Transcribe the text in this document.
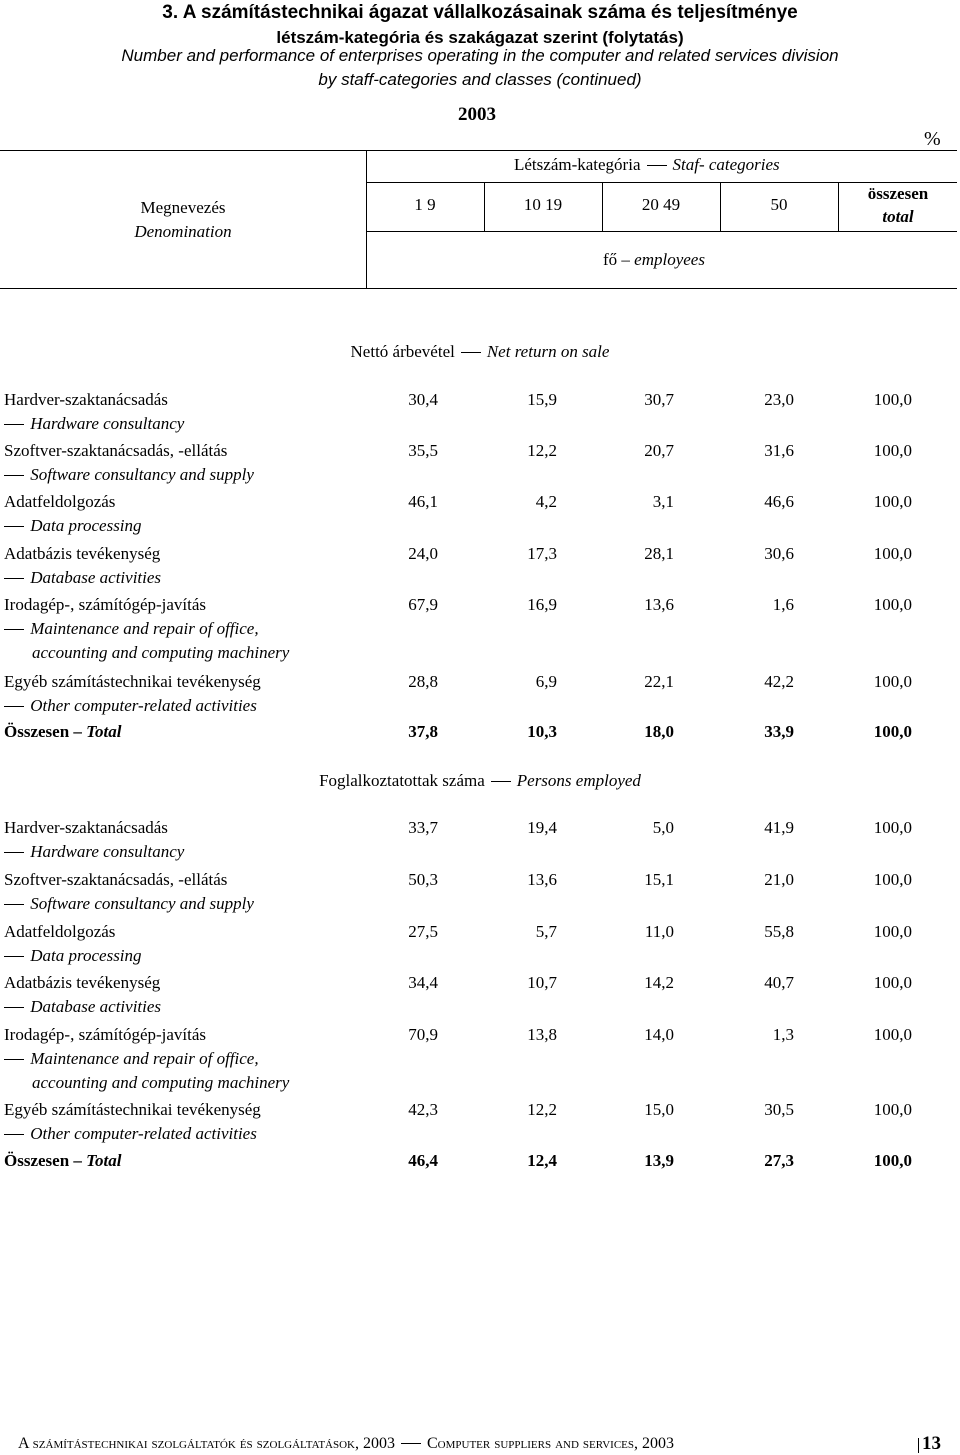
3. A számítástechnikai ágazat vállalkozásainak száma és teljesítménye
létszám-kategória és szakágazat szerint (folytatás)
Number and performance of enterprises operating in the computer and related services division
by staff-categories and classes (continued)
2003
%
Megnevezés
Denomination
Létszám-kategória Staf- categories
1 9	10 19	20 49	50
összesen
total
fő – employees
Nettó árbevétel Net return on sale
Hardver-szaktanácsadás
Hardware consultancy
30,4	15,9	30,7	23,0	100,0
Szoftver-szaktanácsadás, -ellátás
Software consultancy and supply
35,5	12,2	20,7	31,6	100,0
Adatfeldolgozás
Data processing
46,1	4,2	3,1	46,6	100,0
Adatbázis tevékenység
Database activities
24,0	17,3	28,1	30,6	100,0
Irodagép-, számítógép-javítás
Maintenance and repair of office,
accounting and computing machinery
67,9	16,9	13,6	1,6	100,0
Egyéb számítástechnikai tevékenység
Other computer-related activities
28,8	6,9	22,1	42,2	100,0
Összesen – Total	37,8	10,3	18,0	33,9	100,0
Foglalkoztatottak száma Persons employed
Hardver-szaktanácsadás
Hardware consultancy
33,7	19,4	5,0	41,9	100,0
Szoftver-szaktanácsadás, -ellátás
Software consultancy and supply
50,3	13,6	15,1	21,0	100,0
Adatfeldolgozás
Data processing
27,5	5,7	11,0	55,8	100,0
Adatbázis tevékenység
Database activities
34,4	10,7	14,2	40,7	100,0
Irodagép-, számítógép-javítás
Maintenance and repair of office,
accounting and computing machinery
70,9	13,8	14,0	1,3	100,0
Egyéb számítástechnikai tevékenység
Other computer-related activities
42,3	12,2	15,0	30,5	100,0
Összesen – Total	46,4	12,4	13,9	27,3	100,0
A számítástechnikai szolgáltatók és szolgáltatások, 2003 Computer suppliers and services, 2003	13
